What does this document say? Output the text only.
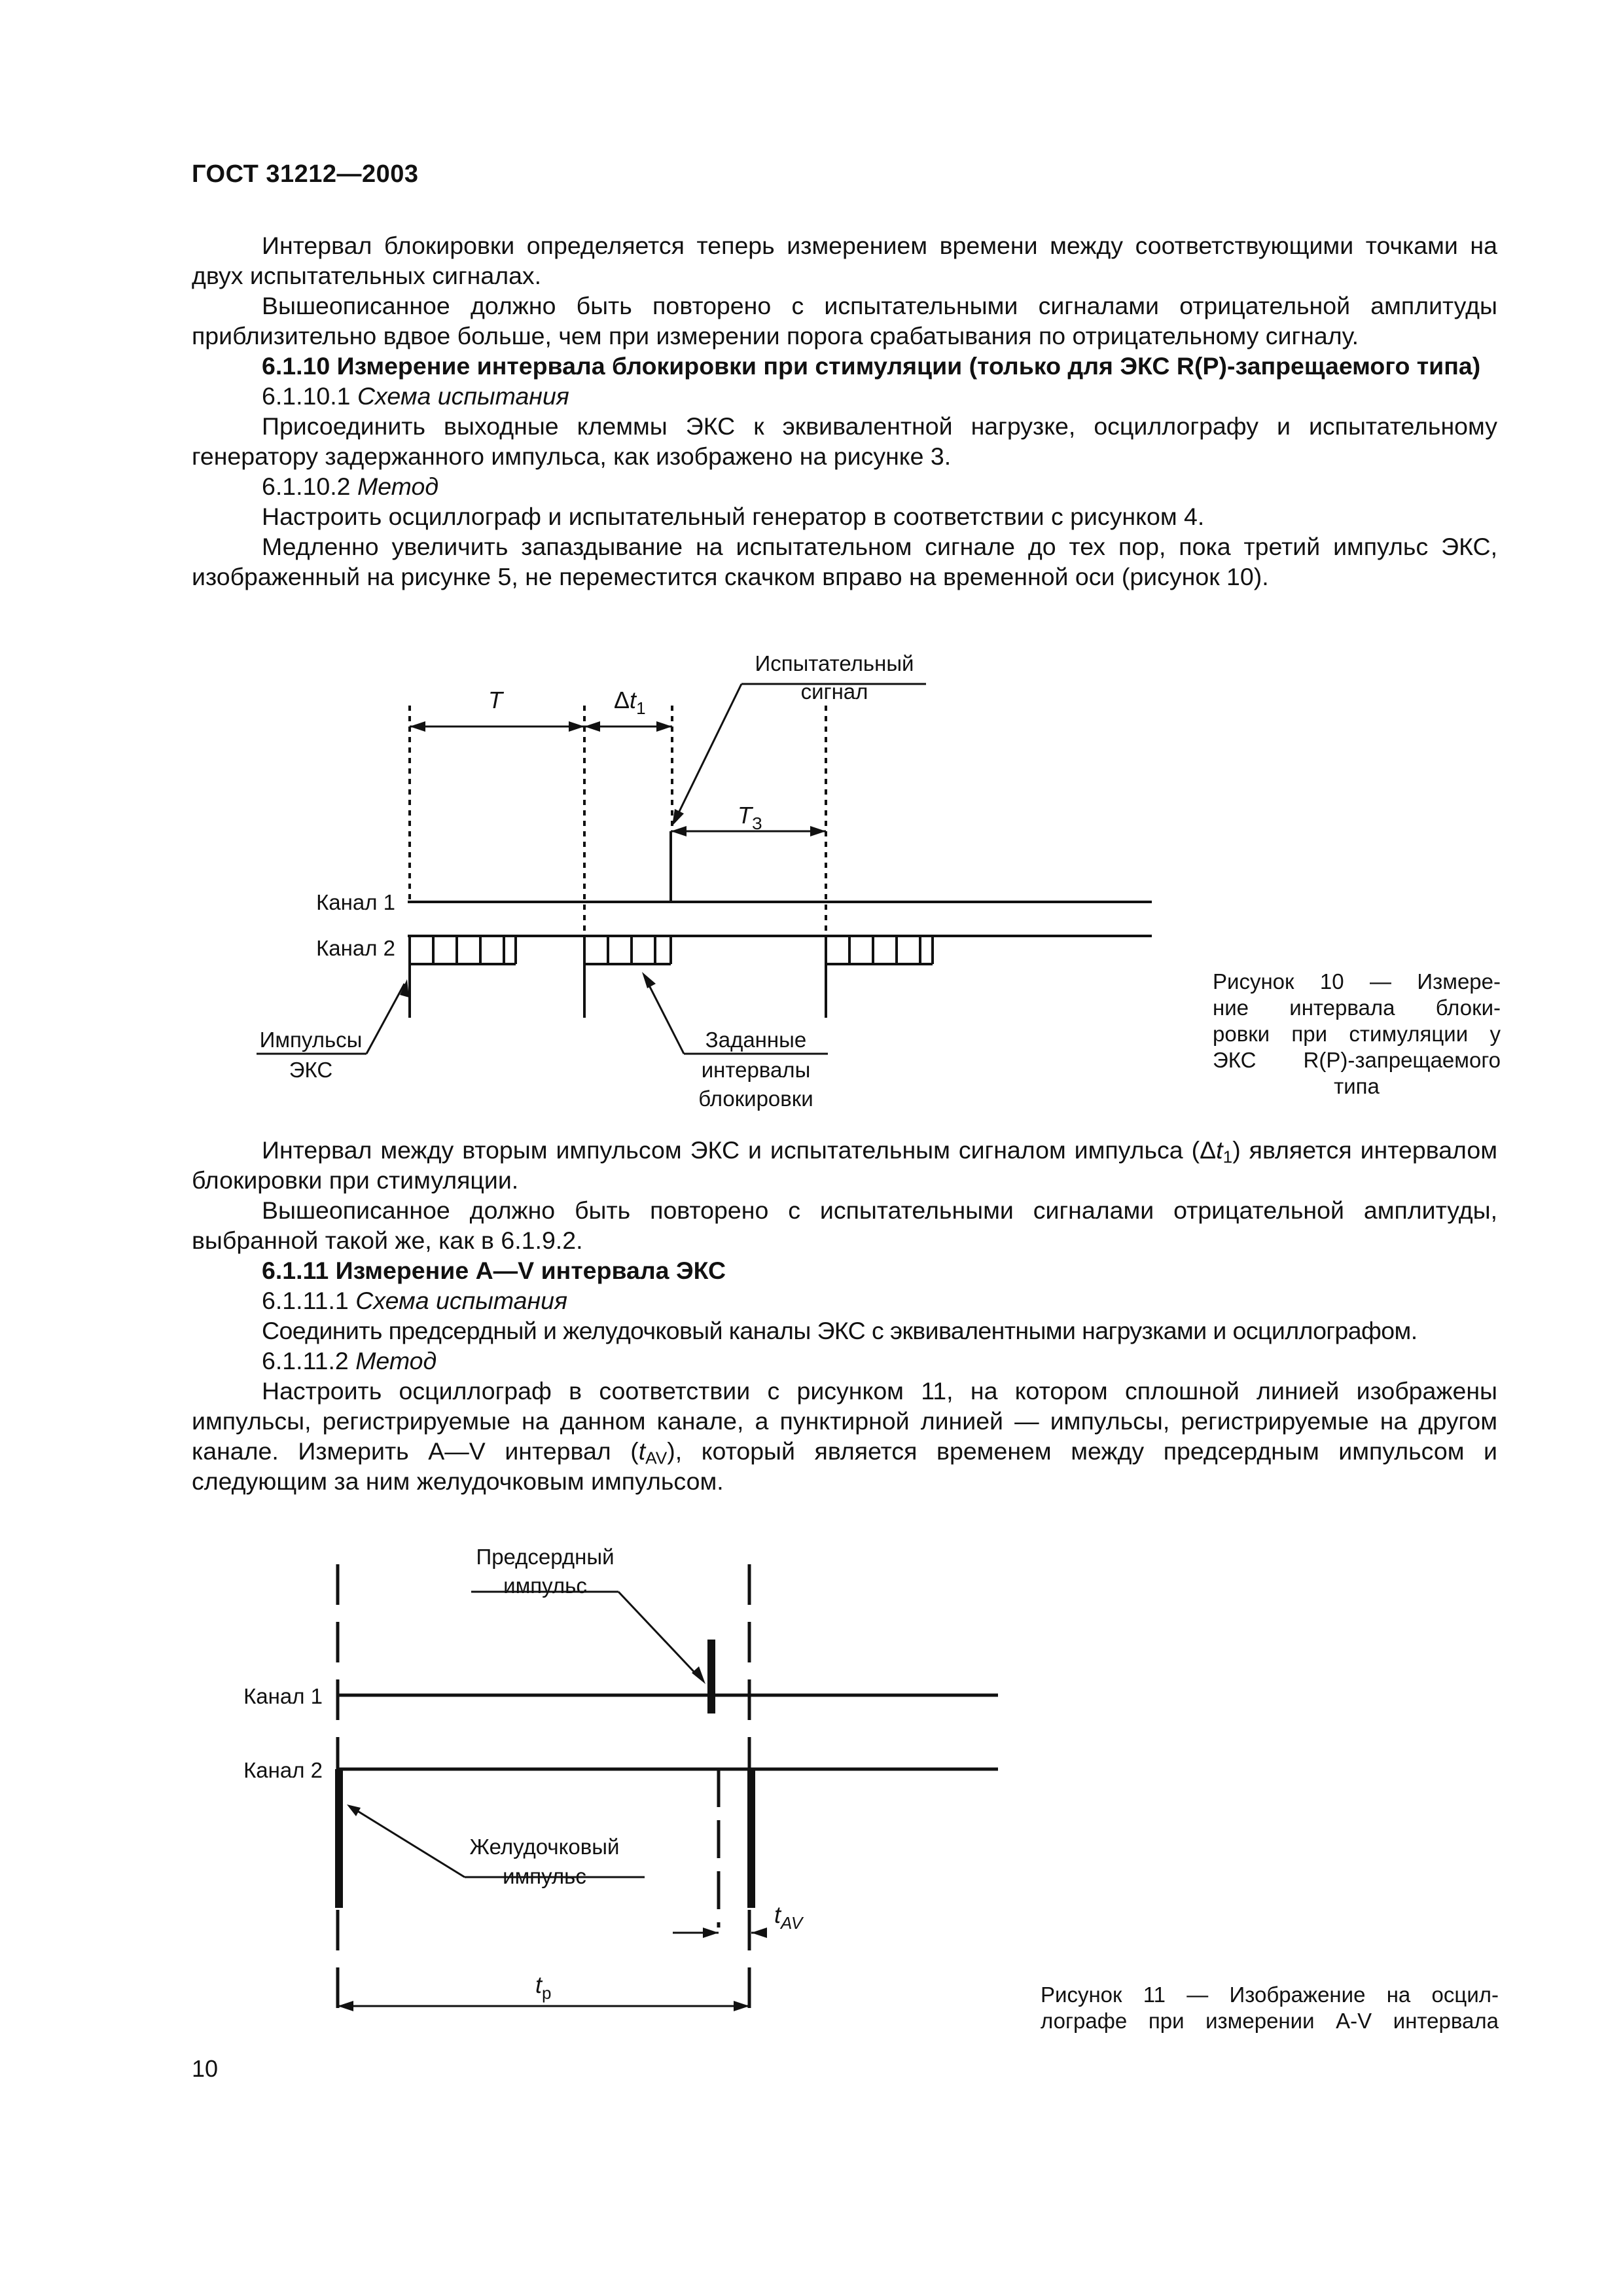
ГОСТ 31212—2003

Интервал блокировки определяется теперь измерением времени между соответствующими точками на двух испытательных сигналах.

Вышеописанное должно быть повторено с испытательными сигналами отрицательной амплитуды приблизительно вдвое больше, чем при измерении порога срабатывания по отрицательному сигналу.

6.1.10 Измерение интервала блокировки при стимуляции (только для ЭКС R(Р)-запрещаемого типа)

6.1.10.1 Схема испытания

Присоединить выходные клеммы ЭКС к эквивалентной нагрузке, осциллографу и испытательному генератору задержанного импульса, как изображено на рисунке 3.

6.1.10.2 Метод

Настроить осциллограф и испытательный генератор в соответствии с рисунком 4.

Медленно увеличить запаздывание на испытательном сигнале до тех пор, пока третий импульс ЭКС, изображенный на рисунке 5, не переместится скачком вправо на временной оси (рисунок 10).

T	$\Delta t_1$
$T_З$
Испытательный
сигнал
Канал 1
Канал 2
Импульсы
ЭКС
Заданные
интервалы
блокировки
Рисунок 10 — Измере-
ние интервала блоки-
ровки при стимуляции у
ЭКС R(Р)-запрещаемого
типа

Интервал между вторым импульсом ЭКС и испытательным сигналом импульса $(\Delta t_1)$ является интервалом блокировки при стимуляции.

Вышеописанное должно быть повторено с испытательными сигналами отрицательной амплитуды, выбранной такой же, как в 6.1.9.2.

6.1.11 Измерение А—V интервала ЭКС

6.1.11.1 Схема испытания

Соединить предсердный и желудочковый каналы ЭКС с эквивалентными нагрузками и осциллографом.

6.1.11.2 Метод

Настроить осциллограф в соответствии с рисунком 11, на котором сплошной линией изображены импульсы, регистрируемые на данном канале, а пунктирной линией — импульсы, регистрируемые на другом канале. Измерить А—V интервал $(t_{AV})$, который является временем между предсердным импульсом и следующим за ним желудочковым импульсом.

Предсердный
импульс
Канал 1
Канал 2
Желудочковый
импульс
$t_{AV}$
$t_р$	Рисунок 11 — Изображение на осцил-
лографе при измерении А-V интервала
10
